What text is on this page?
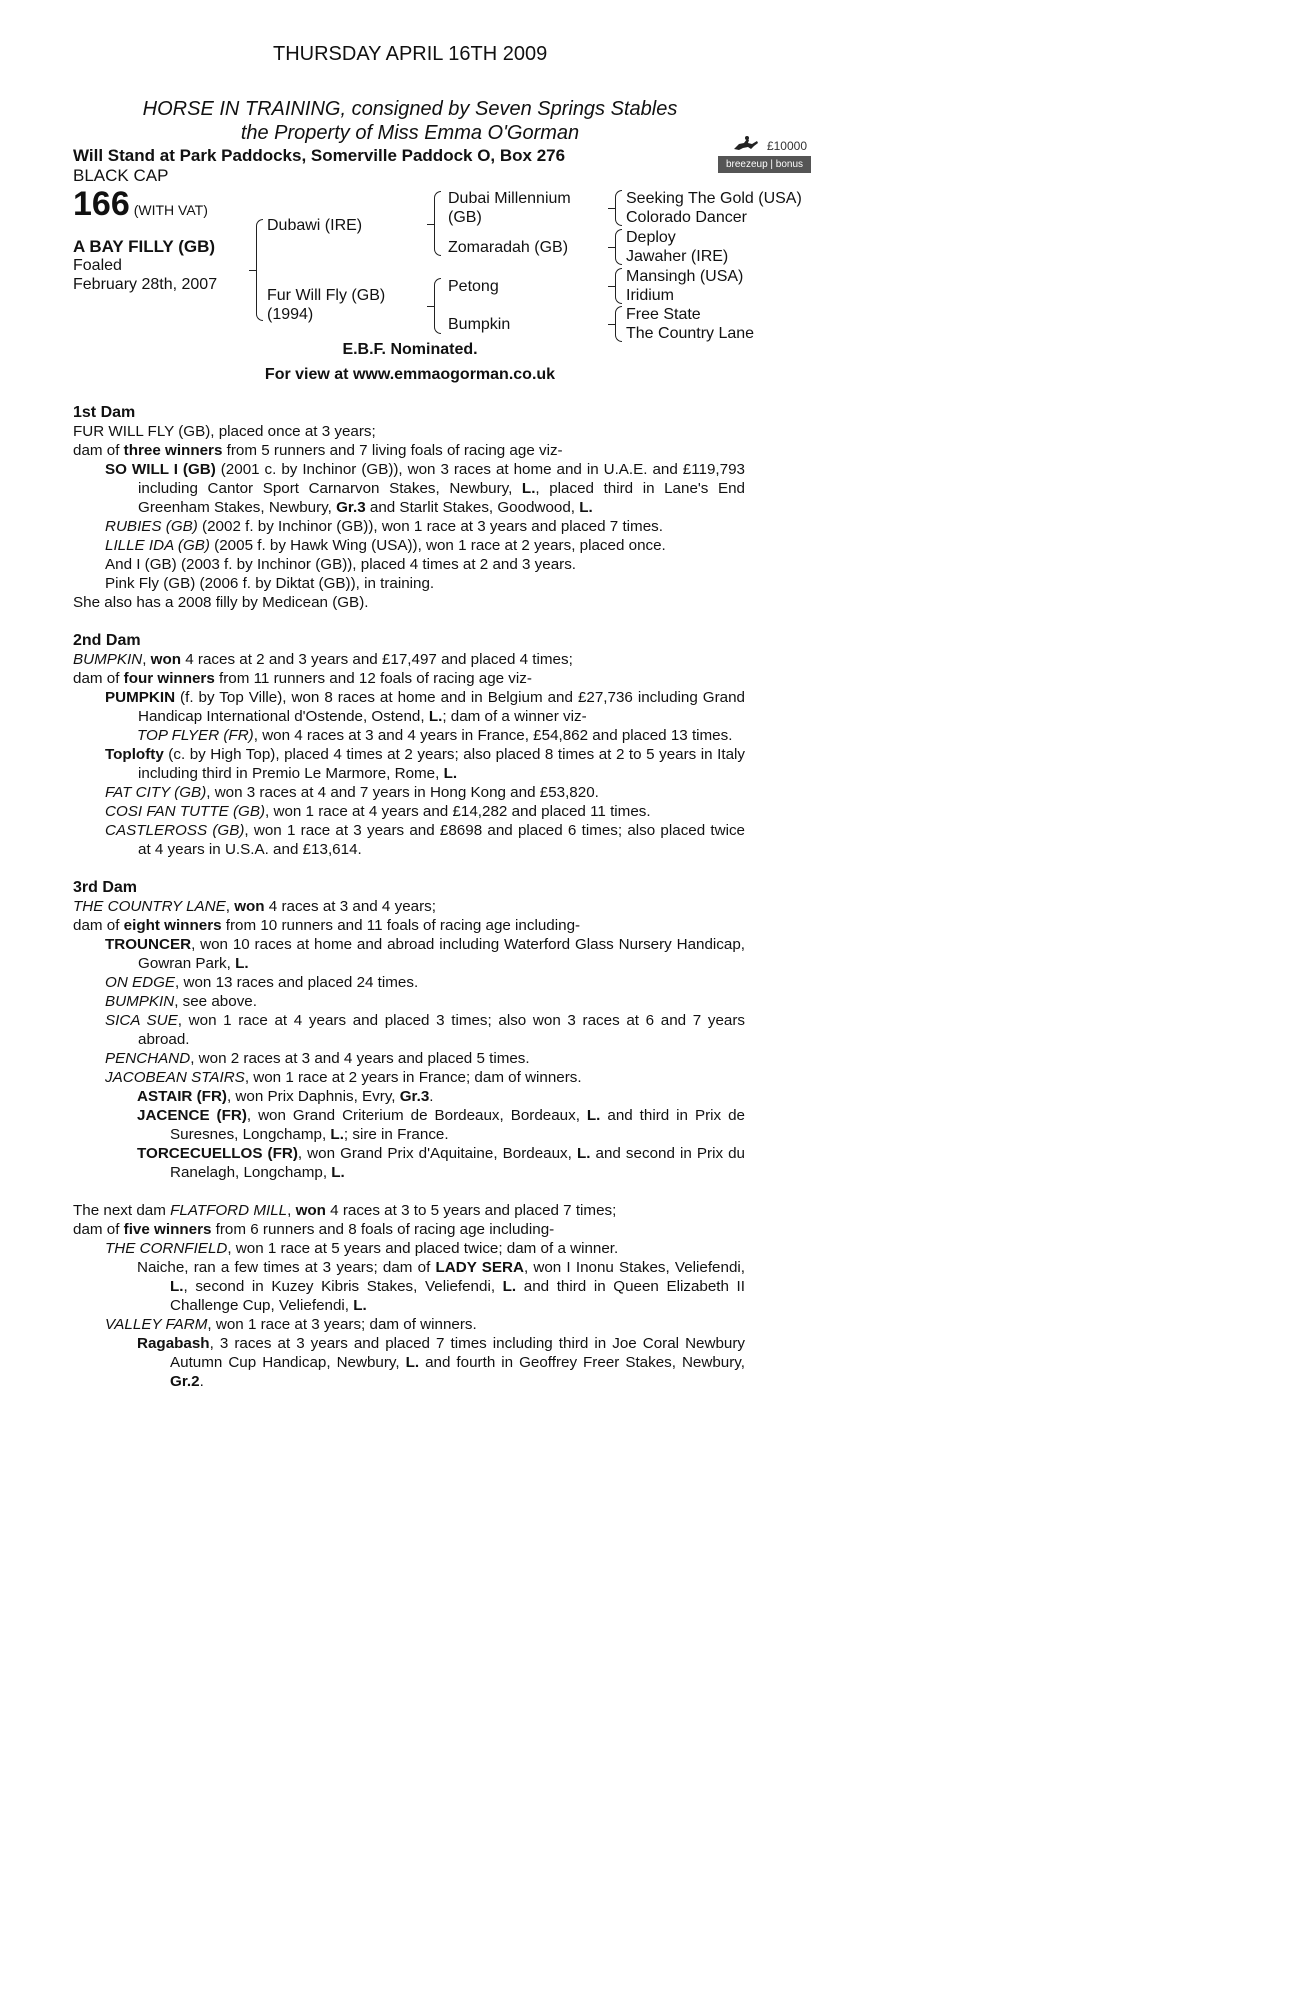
THURSDAY APRIL 16TH 2009
HORSE IN TRAINING, consigned by Seven Springs Stables
the Property of Miss Emma O'Gorman
Will Stand at Park Paddocks, Somerville Paddock O, Box 276
BLACK CAP
£10000
breezeup | bonus
166 (WITH VAT)
A BAY FILLY (GB)
Foaled
February 28th, 2007
Dubawi (IRE)
Fur Will Fly (GB)
(1994)
Dubai Millennium
(GB)
Zomaradah (GB)
Petong
Bumpkin
Seeking The Gold (USA)
Colorado Dancer
Deploy
Jawaher (IRE)
Mansingh (USA)
Iridium
Free State
The Country Lane
E.B.F. Nominated.
For view at www.emmaogorman.co.uk
1st Dam

FUR WILL FLY (GB), placed once at 3 years;

dam of three winners from 5 runners and 7 living foals of racing age viz-

SO WILL I (GB) (2001 c. by Inchinor (GB)), won 3 races at home and in U.A.E. and £119,793 including Cantor Sport Carnarvon Stakes, Newbury, L., placed third in Lane's End Greenham Stakes, Newbury, Gr.3 and Starlit Stakes, Goodwood, L.

RUBIES (GB) (2002 f. by Inchinor (GB)), won 1 race at 3 years and placed 7 times.

LILLE IDA (GB) (2005 f. by Hawk Wing (USA)), won 1 race at 2 years, placed once.

And I (GB) (2003 f. by Inchinor (GB)), placed 4 times at 2 and 3 years.

Pink Fly (GB) (2006 f. by Diktat (GB)), in training.

She also has a 2008 filly by Medicean (GB).

2nd Dam

BUMPKIN, won 4 races at 2 and 3 years and £17,497 and placed 4 times;

dam of four winners from 11 runners and 12 foals of racing age viz-

PUMPKIN (f. by Top Ville), won 8 races at home and in Belgium and £27,736 including Grand Handicap International d'Ostende, Ostend, L.; dam of a winner viz-

TOP FLYER (FR), won 4 races at 3 and 4 years in France, £54,862 and placed 13 times.

Toplofty (c. by High Top), placed 4 times at 2 years; also placed 8 times at 2 to 5 years in Italy including third in Premio Le Marmore, Rome, L.

FAT CITY (GB), won 3 races at 4 and 7 years in Hong Kong and £53,820.

COSI FAN TUTTE (GB), won 1 race at 4 years and £14,282 and placed 11 times.

CASTLEROSS (GB), won 1 race at 3 years and £8698 and placed 6 times; also placed twice at 4 years in U.S.A. and £13,614.

3rd Dam

THE COUNTRY LANE, won 4 races at 3 and 4 years;

dam of eight winners from 10 runners and 11 foals of racing age including-

TROUNCER, won 10 races at home and abroad including Waterford Glass Nursery Handicap, Gowran Park, L.

ON EDGE, won 13 races and placed 24 times.

BUMPKIN, see above.

SICA SUE, won 1 race at 4 years and placed 3 times; also won 3 races at 6 and 7 years abroad.

PENCHAND, won 2 races at 3 and 4 years and placed 5 times.

JACOBEAN STAIRS, won 1 race at 2 years in France; dam of winners.

ASTAIR (FR), won Prix Daphnis, Evry, Gr.3.

JACENCE (FR), won Grand Criterium de Bordeaux, Bordeaux, L. and third in Prix de Suresnes, Longchamp, L.; sire in France.

TORCECUELLOS (FR), won Grand Prix d'Aquitaine, Bordeaux, L. and second in Prix du Ranelagh, Longchamp, L.

The next dam FLATFORD MILL, won 4 races at 3 to 5 years and placed 7 times;

dam of five winners from 6 runners and 8 foals of racing age including-

THE CORNFIELD, won 1 race at 5 years and placed twice; dam of a winner.

Naiche, ran a few times at 3 years; dam of LADY SERA, won I Inonu Stakes, Veliefendi, L., second in Kuzey Kibris Stakes, Veliefendi, L. and third in Queen Elizabeth II Challenge Cup, Veliefendi, L.

VALLEY FARM, won 1 race at 3 years; dam of winners.

Ragabash, 3 races at 3 years and placed 7 times including third in Joe Coral Newbury Autumn Cup Handicap, Newbury, L. and fourth in Geoffrey Freer Stakes, Newbury, Gr.2.
